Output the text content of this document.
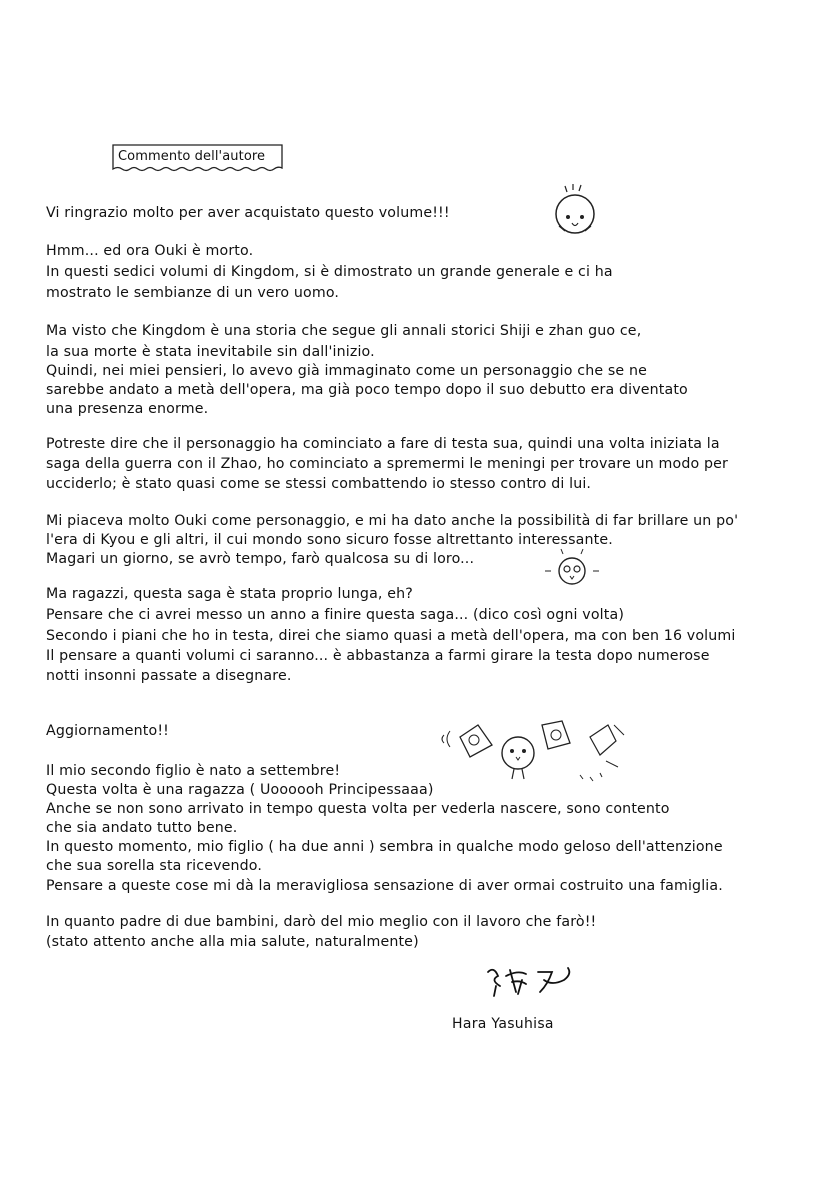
Commento dell'autore
Vi ringrazio molto per aver acquistato questo volume!!!
Hmm... ed ora Ouki è morto.
In questi sedici volumi di Kingdom, si è dimostrato un grande generale e ci ha
mostrato le sembianze di un vero uomo.
Ma visto che Kingdom è una storia che segue gli annali storici Shiji e zhan guo ce,
la sua morte è stata inevitabile sin dall'inizio.
Quindi, nei miei pensieri, lo avevo già immaginato come un personaggio che se ne
sarebbe andato a metà dell'opera, ma già poco tempo dopo il suo debutto era diventato
una presenza enorme.
Potreste dire che il personaggio ha cominciato a fare di testa sua, quindi una volta iniziata la
saga della guerra con il Zhao, ho cominciato a spremermi le meningi per trovare un modo per
ucciderlo; è stato quasi come se stessi combattendo io stesso contro di lui.
Mi piaceva molto Ouki come personaggio, e mi ha dato anche la possibilità di far brillare un po'
l'era di Kyou e gli altri, il cui mondo sono sicuro fosse altrettanto interessante.
Magari un giorno, se avrò tempo, farò qualcosa su di loro...
Ma ragazzi, questa saga è stata proprio lunga, eh?
Pensare che ci avrei messo un anno a finire questa saga... (dico così ogni volta)
Secondo i piani che ho in testa, direi che siamo quasi a metà dell'opera, ma con ben 16 volumi
Il pensare a quanti volumi ci saranno... è abbastanza a farmi girare la testa dopo numerose
notti insonni passate a disegnare.
Aggiornamento!!
Il mio secondo figlio è nato a settembre!
Questa volta è una ragazza ( Uoooooh Principessaaa)
Anche se non sono arrivato in tempo questa volta per vederla nascere, sono contento
che sia andato tutto bene.
In questo momento, mio figlio ( ha due anni ) sembra in qualche modo geloso dell'attenzione
che sua sorella sta ricevendo.
Pensare a queste cose mi dà la meravigliosa sensazione di aver ormai costruito una famiglia.
In quanto padre di due bambini, darò del mio meglio con il lavoro che farò!!
(stato attento anche alla mia salute, naturalmente)
Hara Yasuhisa
